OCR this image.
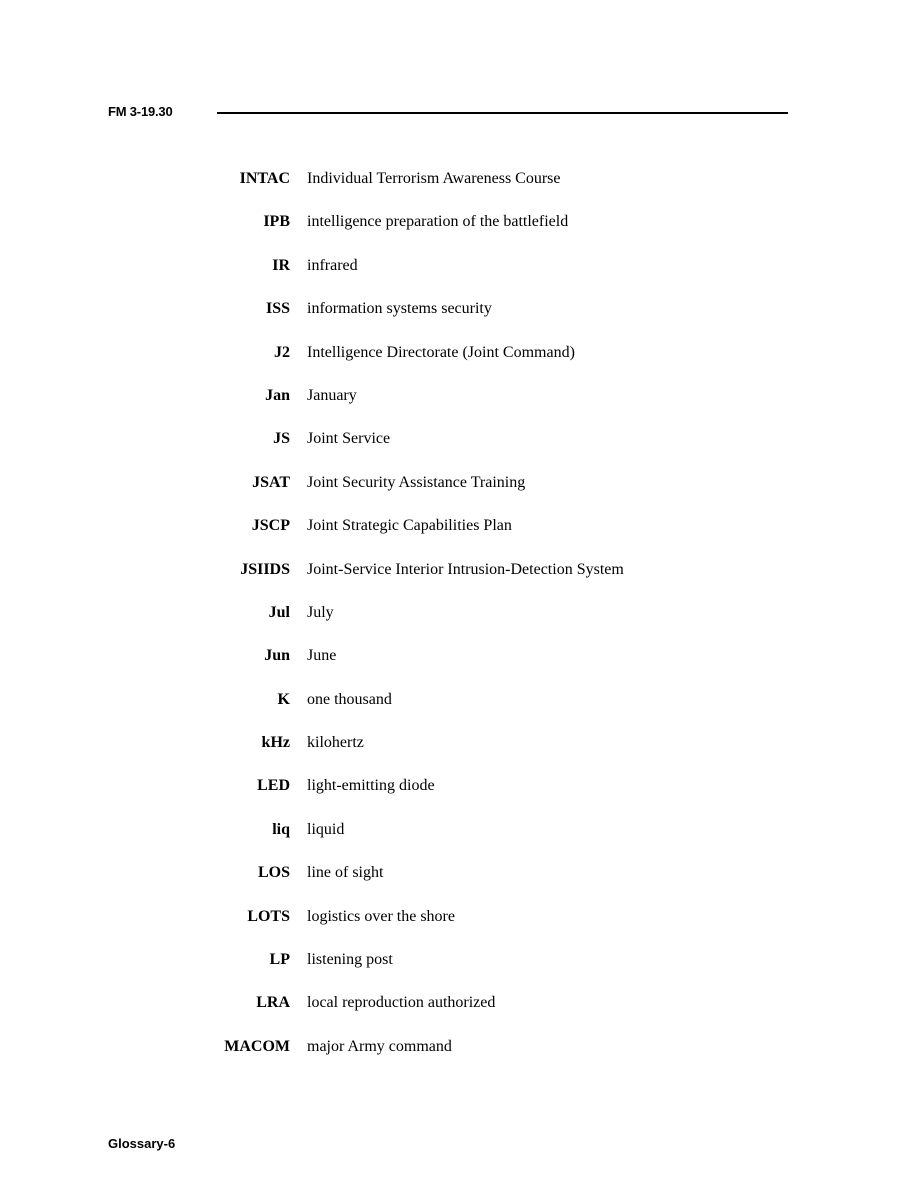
FM 3-19.30
INTAC Individual Terrorism Awareness Course
IPB intelligence preparation of the battlefield
IR infrared
ISS information systems security
J2 Intelligence Directorate (Joint Command)
Jan January
JS Joint Service
JSAT Joint Security Assistance Training
JSCP Joint Strategic Capabilities Plan
JSIIDS Joint-Service Interior Intrusion-Detection System
Jul July
Jun June
K one thousand
kHz kilohertz
LED light-emitting diode
liq liquid
LOS line of sight
LOTS logistics over the shore
LP listening post
LRA local reproduction authorized
MACOM major Army command
Glossary-6
